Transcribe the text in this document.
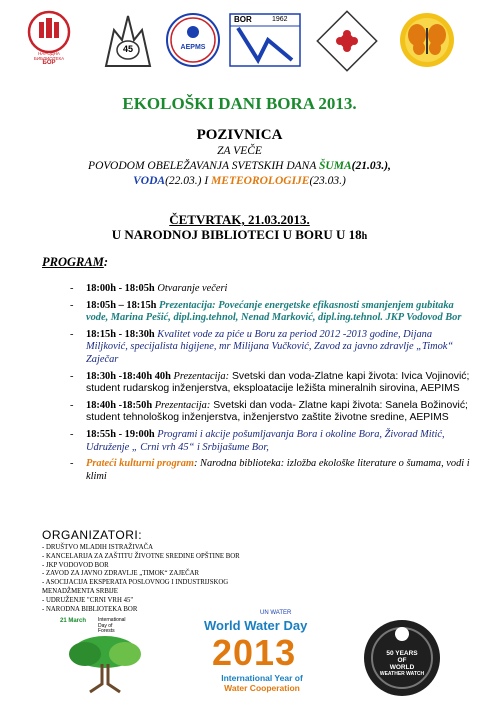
НАРОДНА
БИБЛИОТЕКА
БОР
45	AEPMS
BOR	1962
EKOLOŠKI DANI BORA 2013.
POZIVNICA
ZA VEČE
POVODOM OBELEŽAVANJA SVETSKIH DANA ŠUMA(21.03.),
VODA(22.03.) I METEOROLOGIJE(23.03.)
ČETVRTAK, 21.03.2013.
U NARODNOJ BIBLIOTECI U BORU U 18h
PROGRAM:
- 18:00h - 18:05h Otvaranje večeri
- 18:05h – 18:15h Prezentacija: Povećanje energetske efikasnosti smanjenjem gubitaka vode, Marina Pešić, dipl.ing.tehnol, Nenad Marković, dipl.ing.tehnol. JKP Vodovod Bor
- 18:15h - 18:30h Kvalitet vode za piće u Boru za period 2012 -2013 godine, Dijana Miljković, specijalista higijene, mr Milijana Vučković, Zavod za javno zdravlje „Timok“ Zaječar
- 18:30h -18:40h 40h Prezentacija: Svetski dan voda-Zlatne kapi života: Ivica Vojinović; student rudarskog inženjerstva, eksploatacije ležišta mineralnih sirovina, AEPIMS
- 18:40h -18:50h Prezentacija: Svetski dan voda- Zlatne kapi života: Sanela Božinović; student tehnološkog inženjerstva, inženjerstvo zaštite životne sredine, AEPIMS
- 18:55h - 19:00h Programi i akcije pošumljavanja Bora i okoline Bora, Živorad Mitić, Udruženje „ Crni vrh 45“ i Srbijašume Bor,
- Prateći kulturni program: Narodna biblioteka: izložba ekološke literature o šumama, vodi i klimi
ORGANIZATORI:
- DRUŠTVO MLADIH ISTRAŽIVAČA
- KANCELARIJA ZA ZAŠTITU ŽIVOTNE SREDINE OPŠTINE BOR
- JKP VODOVOD BOR
- ZAVOD ZA JAVNO ZDRAVLJE „TIMOK“ ZAJEČAR
- ASOCIJACIJA EKSPERATA POSLOVNOG I INDUSTRIJSKOG MENADŽMENTA SRBIJE
- UDRUŽENJE "CRNI VRH 45"
- NARODNA BIBLIOTEKA BOR
21 March International
Day of
Forests
UN WATER
World Water Day
2013
International Year of
Water Cooperation
50 YEARS
OF
WORLD
WEATHER WATCH
